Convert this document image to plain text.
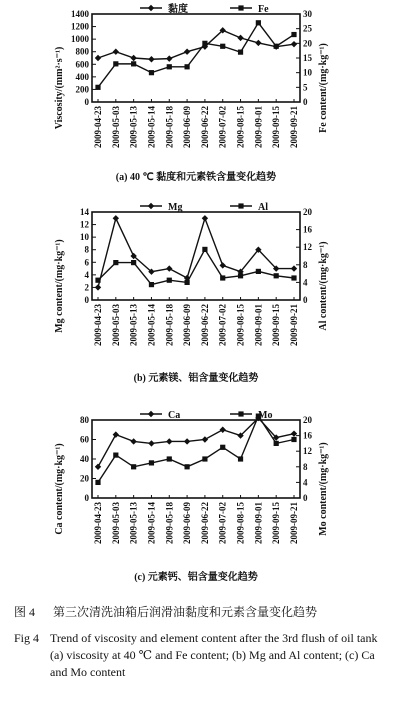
0
200
400
600
800
1000
1200
1400
0
5
10
15
20
25
30
2009-04-23 2009-05-03 2009-05-13 2009-05-14 2009-05-18 2009-06-09 2009-06-22 2009-07-02 2009-08-15 2009-09-01 2009-09-15 2009-09-21
Viscosity/(mm²·s⁻¹)	Fe content/(mg·kg⁻¹)
黏度	Fe
(a) 40 ℃ 黏度和元素铁含量变化趋势
0
2
4
6
8
10
12
14
0
4
8
12
16
20
2009-04-23 2009-05-03 2009-05-13 2009-05-14 2009-05-18 2009-06-09 2009-06-22 2009-07-02 2009-08-15 2009-09-01 2009-09-15 2009-09-21
Mg content/(mg·kg⁻¹)	Al content/(mg·kg⁻¹)
Mg	Al
(b) 元素镁、铝含量变化趋势
0
20
40
60
80
0
4
8
12
16
20
2009-04-23 2009-05-03 2009-05-13 2009-05-14 2009-05-18 2009-06-09 2009-06-22 2009-07-02 2009-08-15 2009-09-01 2009-09-15 2009-09-21
Ca content/(mg·kg⁻¹)	Mo content/(mg·kg⁻¹)
Ca	Mo
(c) 元素钙、铝含量变化趋势
图 4 第三次清洗油箱后润滑油黏度和元素含量变化趋势
Fig 4 Trend of viscosity and element content after the 3rd flush of oil tank (a) viscosity at 40 ℃ and Fe content; (b) Mg and Al content; (c) Ca and Mo content
